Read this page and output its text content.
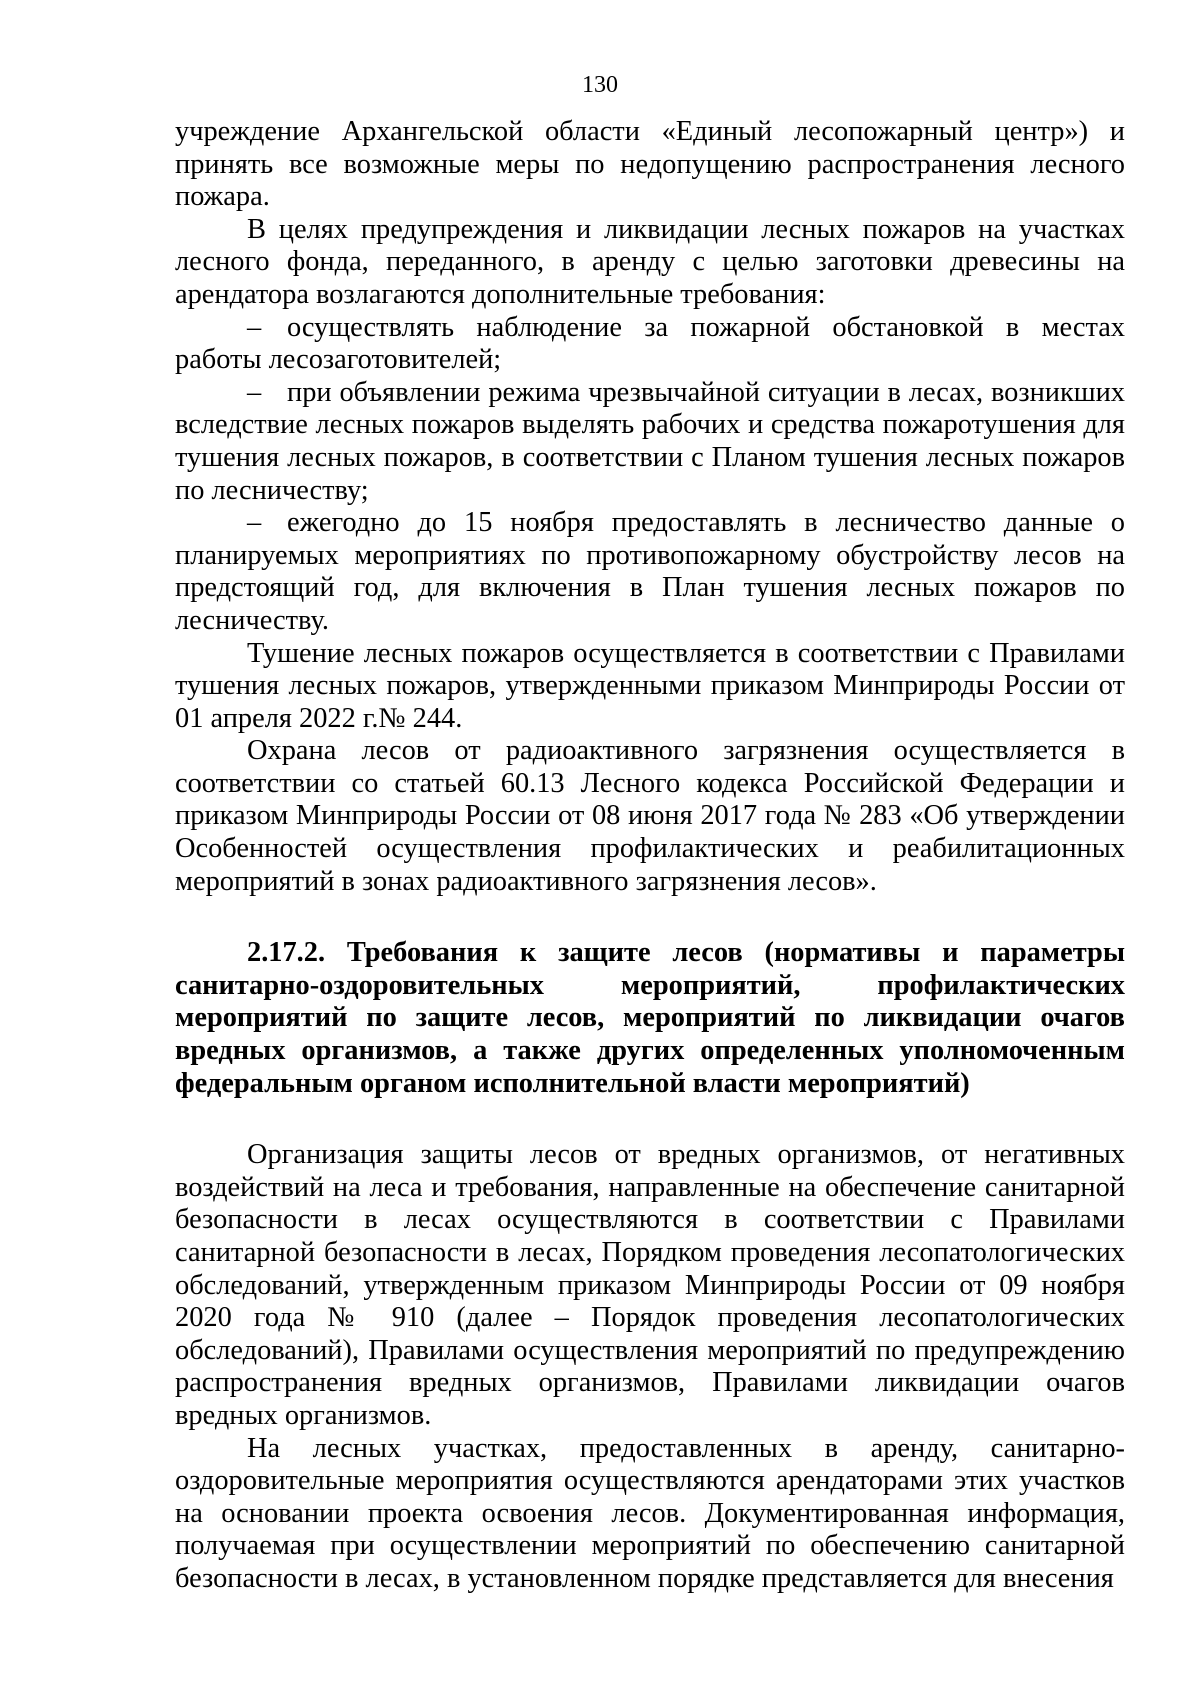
130

учреждение Архангельской области «Единый лесопожарный центр») и принять все возможные меры по недопущению распространения лесного пожара.

В целях предупреждения и ликвидации лесных пожаров на участках лесного фонда, переданного, в аренду с целью заготовки древесины на арендатора возлагаются дополнительные требования:

– осуществлять наблюдение за пожарной обстановкой в местах работы лесозаготовителей;

– при объявлении режима чрезвычайной ситуации в лесах, возникших вследствие лесных пожаров выделять рабочих и средства пожаротушения для тушения лесных пожаров, в соответствии с Планом тушения лесных пожаров по лесничеству;

– ежегодно до 15 ноября предоставлять в лесничество данные о планируемых мероприятиях по противопожарному обустройству лесов на предстоящий год, для включения в План тушения лесных пожаров по лесничеству.

Тушение лесных пожаров осуществляется в соответствии с Правилами тушения лесных пожаров, утвержденными приказом Минприроды России от 01 апреля 2022 г.№ 244.

Охрана лесов от радиоактивного загрязнения осуществляется в соответствии со статьей 60.13 Лесного кодекса Российской Федерации и приказом Минприроды России от 08 июня 2017 года № 283 «Об утверждении Особенностей осуществления профилактических и реабилитационных мероприятий в зонах радиоактивного загрязнения лесов».

2.17.2. Требования к защите лесов (нормативы и параметры санитарно-оздоровительных мероприятий, профилактических мероприятий по защите лесов, мероприятий по ликвидации очагов вредных организмов, а также других определенных уполномоченным федеральным органом исполнительной власти мероприятий)

Организация защиты лесов от вредных организмов, от негативных воздействий на леса и требования, направленные на обеспечение санитарной безопасности в лесах осуществляются в соответствии с Правилами санитарной безопасности в лесах, Порядком проведения лесопатологических обследований, утвержденным приказом Минприроды России от 09 ноября 2020 года № 910 (далее – Порядок проведения лесопатологических обследований), Правилами осуществления мероприятий по предупреждению распространения вредных организмов, Правилами ликвидации очагов вредных организмов.

На лесных участках, предоставленных в аренду, санитарно-оздоровительные мероприятия осуществляются арендаторами этих участков на основании проекта освоения лесов. Документированная информация, получаемая при осуществлении мероприятий по обеспечению санитарной безопасности в лесах, в установленном порядке представляется для внесения
